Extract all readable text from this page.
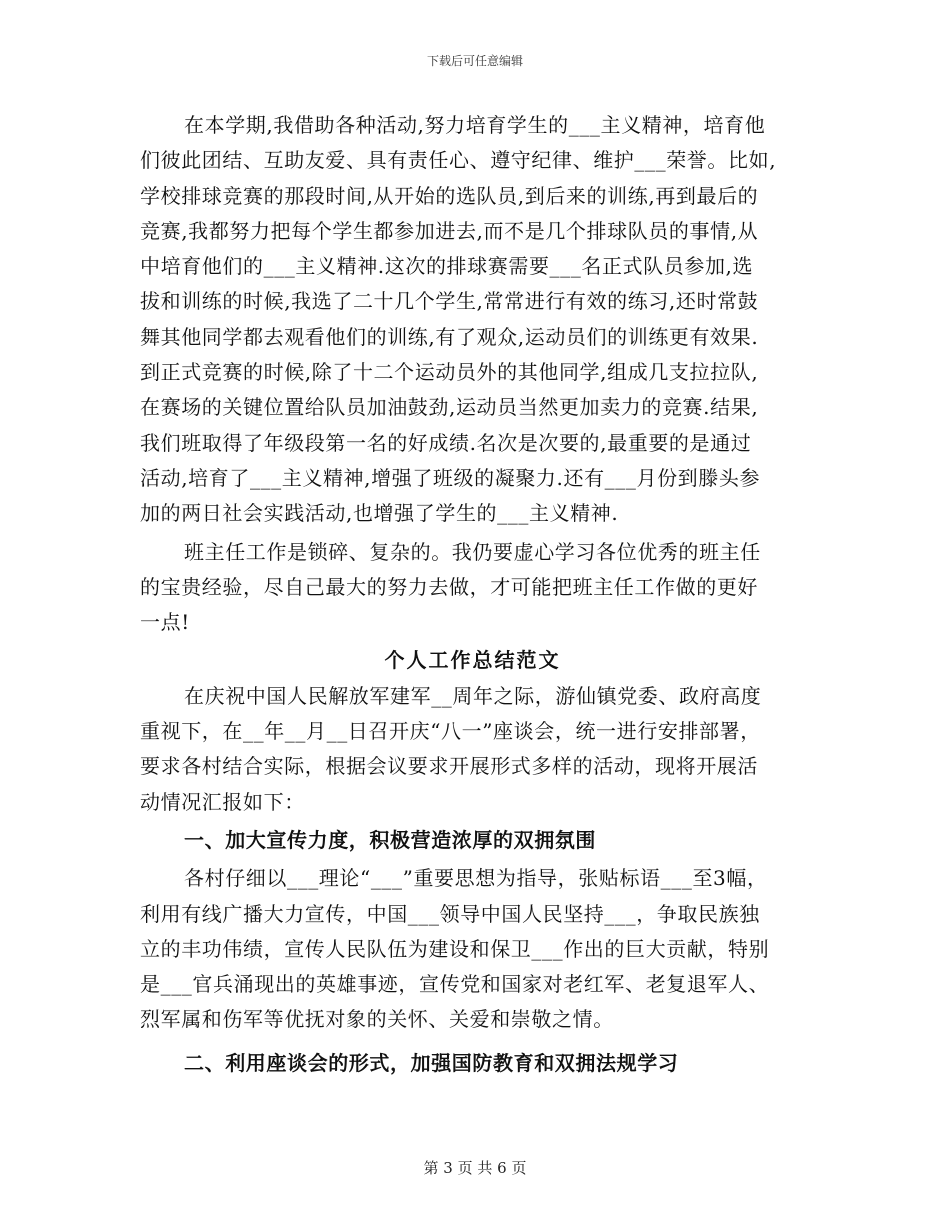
下载后可任意编辑
在本学期,我借助各种活动,努力培育学生的___主义精神，培育他
们彼此团结、互助友爱、具有责任心、遵守纪律、维护___荣誉。比如,
学校排球竞赛的那段时间,从开始的选队员,到后来的训练,再到最后的
竞赛,我都努力把每个学生都参加进去,而不是几个排球队员的事情,从
中培育他们的___主义精神.这次的排球赛需要___名正式队员参加,选
拔和训练的时候,我选了二十几个学生,常常进行有效的练习,还时常鼓
舞其他同学都去观看他们的训练,有了观众,运动员们的训练更有效果.
到正式竞赛的时候,除了十二个运动员外的其他同学,组成几支拉拉队,
在赛场的关键位置给队员加油鼓劲,运动员当然更加卖力的竞赛.结果,
我们班取得了年级段第一名的好成绩.名次是次要的,最重要的是通过
活动,培育了___主义精神,增强了班级的凝聚力.还有___月份到滕头参
加的两日社会实践活动,也增强了学生的___主义精神.
班主任工作是锁碎、复杂的。我仍要虚心学习各位优秀的班主任
的宝贵经验，尽自己最大的努力去做，才可能把班主任工作做的更好
一点!
个人工作总结范文
在庆祝中国人民解放军建军__周年之际，游仙镇党委、政府高度
重视下，在__年__月__日召开庆“八一”座谈会，统一进行安排部署，
要求各村结合实际，根据会议要求开展形式多样的活动，现将开展活
动情况汇报如下：
一、加大宣传力度，积极营造浓厚的双拥氛围
各村仔细以___理论“___”重要思想为指导，张贴标语___至3幅，
利用有线广播大力宣传，中国___领导中国人民坚持___，争取民族独
立的丰功伟绩，宣传人民队伍为建设和保卫___作出的巨大贡献，特别
是___官兵涌现出的英雄事迹，宣传党和国家对老红军、老复退军人、
烈军属和伤军等优抚对象的关怀、关爱和崇敬之情。
二、利用座谈会的形式，加强国防教育和双拥法规学习
第 3 页 共 6 页
